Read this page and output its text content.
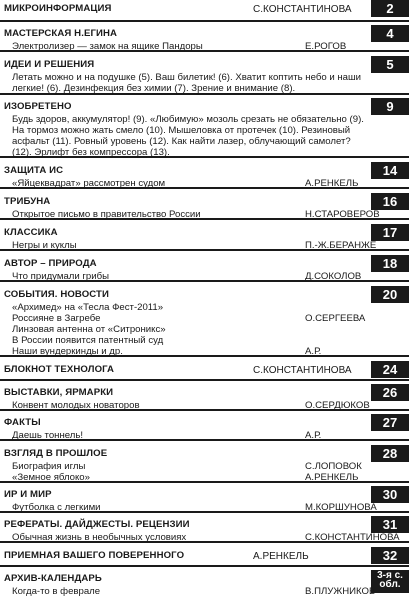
МИКРОИНФОРМАЦИЯ	С.КОНСТАНТИНОВА	2
МАСТЕРСКАЯ Н.ЕГИНА	4
Электролизер — замок на ящике Пандоры	Е.РОГОВ
ИДЕИ И РЕШЕНИЯ	5
Летать можно и на подушке (5). Ваш билетик! (6). Хватит коптить небо и наши легкие! (6). Дезинфекция без химии (7). Зрение и внимание (8).
ИЗОБРЕТЕНО	9
Будь здоров, аккумулятор! (9). «Любимую» мозоль срезать не обязательно (9). На тормоз можно жать смело (10). Мышеловка от протечек (10). Резиновый асфальт (11). Ровный уровень (12). Как найти лазер, облучающий самолет? (12). Эрлифт без компрессора (13).
ЗАЩИТА ИС	14
«Яйцеквадрат» рассмотрен судом	А.РЕНКЕЛЬ
ТРИБУНА	16
Открытое письмо в правительство России	Н.СТАРОВЕРОВ
КЛАССИКА	17
Негры и куклы	П.-Ж.БЕРАНЖЕ
АВТОР – ПРИРОДА	18
Что придумали грибы	Д.СОКОЛОВ
СОБЫТИЯ. НОВОСТИ	20
«Архимед» на «Тесла Фест-2011»
Россияне в Загребе	О.СЕРГЕЕВА
Линзовая антенна от «Ситроникс»
В России появится патентный суд
Наши вундеркинды и др.	А.Р.
БЛОКНОТ ТЕХНОЛОГА	С.КОНСТАНТИНОВА	24
ВЫСТАВКИ, ЯРМАРКИ	26
Конвент молодых новаторов	О.СЕРДЮКОВ
ФАКТЫ	27
Даешь тоннель!	А.Р.
ВЗГЛЯД В ПРОШЛОЕ	28
Биография иглы	С.ЛОПОВОК
«Земное яблоко»	А.РЕНКЕЛЬ
ИР И МИР	30
Футболка с легкими	М.КОРШУНОВА
РЕФЕРАТЫ. ДАЙДЖЕСТЫ. РЕЦЕНЗИИ	31
Обычная жизнь в необычных условиях	С.КОНСТАНТИНОВА
ПРИЕМНАЯ ВАШЕГО ПОВЕРЕННОГО	А.РЕНКЕЛЬ	32
АРХИВ-КАЛЕНДАРЬ	3-я с. обл.
Когда-то в феврале	В.ПЛУЖНИКОВ
